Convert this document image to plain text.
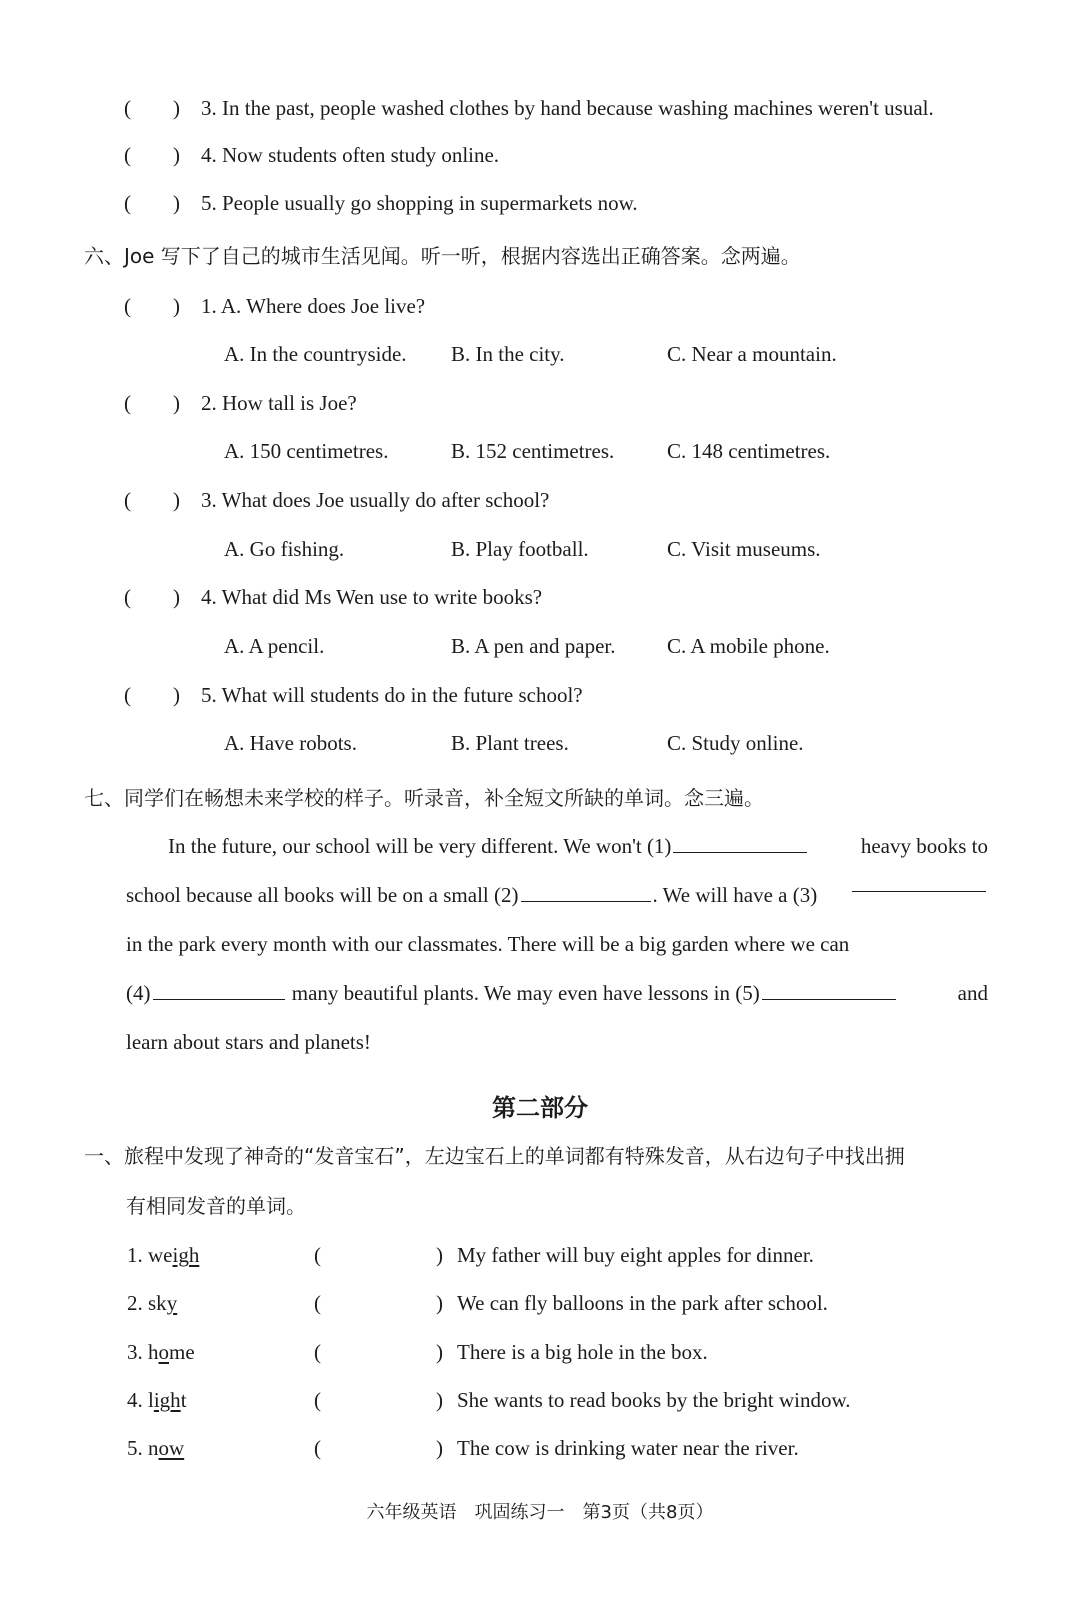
(　　) 3. In the past, people washed clothes by hand because washing machines weren't usual.
(　　) 4. Now students often study online.
(　　) 5. People usually go shopping in supermarkets now.
六、Joe 写下了自己的城市生活见闻。听一听，根据内容选出正确答案。念两遍。
(　　) 1. A. Where does Joe live?
A. In the countryside. B. In the city.	C. Near a mountain.
(　　) 2. How tall is Joe?
A. 150 centimetres.	B. 152 centimetres.	C. 148 centimetres.
(　　) 3. What does Joe usually do after school?
A. Go fishing.	B. Play football.	C. Visit museums.
(　　) 4. What did Ms Wen use to write books?
A. A pencil.	B. A pen and paper. C. A mobile phone.
(　　) 5. What will students do in the future school?
A. Have robots.	B. Plant trees.	C. Study online.
七、同学们在畅想未来学校的样子。听录音，补全短文所缺的单词。念三遍。
In the future, our school will be very different. We won't (1)	heavy books to
school because all books will be on a small (2)	. We will have a (3)
in the park every month with our classmates. There will be a big garden where we can
(4)	many beautiful plants. We may even have lessons in (5)	and
learn about stars and planets!
第二部分
一、旅程中发现了神奇的“发音宝石”，左边宝石上的单词都有特殊发音，从右边句子中找出拥
有相同发音的单词。
1. weigh	(	) My father will buy eight apples for dinner.
2. sky	(	) We can fly balloons in the park after school.
3. home	(	) There is a big hole in the box.
4. light	(	) She wants to read books by the bright window.
5. now	(	) The cow is drinking water near the river.
六年级英语　巩固练习一　第3页（共8页）
